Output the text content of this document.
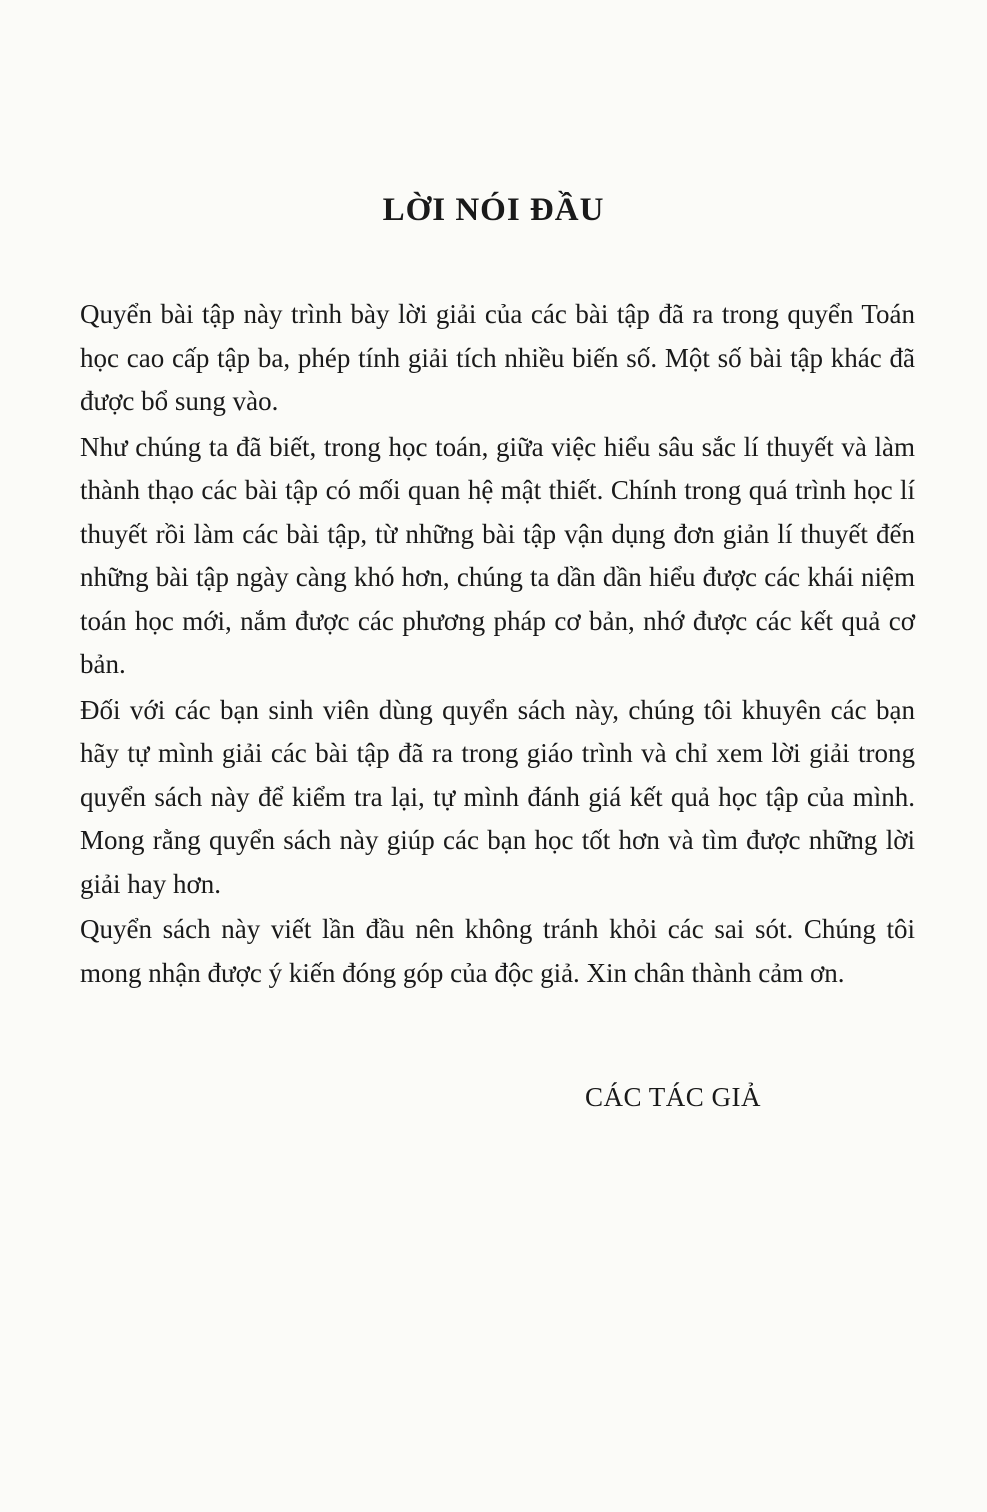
LỜI NÓI ĐẦU

Quyển bài tập này trình bày lời giải của các bài tập đã ra trong quyển Toán học cao cấp tập ba, phép tính giải tích nhiều biến số. Một số bài tập khác đã được bổ sung vào.

Như chúng ta đã biết, trong học toán, giữa việc hiểu sâu sắc lí thuyết và làm thành thạo các bài tập có mối quan hệ mật thiết. Chính trong quá trình học lí thuyết rồi làm các bài tập, từ những bài tập vận dụng đơn giản lí thuyết đến những bài tập ngày càng khó hơn, chúng ta dần dần hiểu được các khái niệm toán học mới, nắm được các phương pháp cơ bản, nhớ được các kết quả cơ bản.

Đối với các bạn sinh viên dùng quyển sách này, chúng tôi khuyên các bạn hãy tự mình giải các bài tập đã ra trong giáo trình và chỉ xem lời giải trong quyển sách này để kiểm tra lại, tự mình đánh giá kết quả học tập của mình. Mong rằng quyển sách này giúp các bạn học tốt hơn và tìm được những lời giải hay hơn.

Quyển sách này viết lần đầu nên không tránh khỏi các sai sót. Chúng tôi mong nhận được ý kiến đóng góp của độc giả. Xin chân thành cảm ơn.

CÁC TÁC GIẢ
